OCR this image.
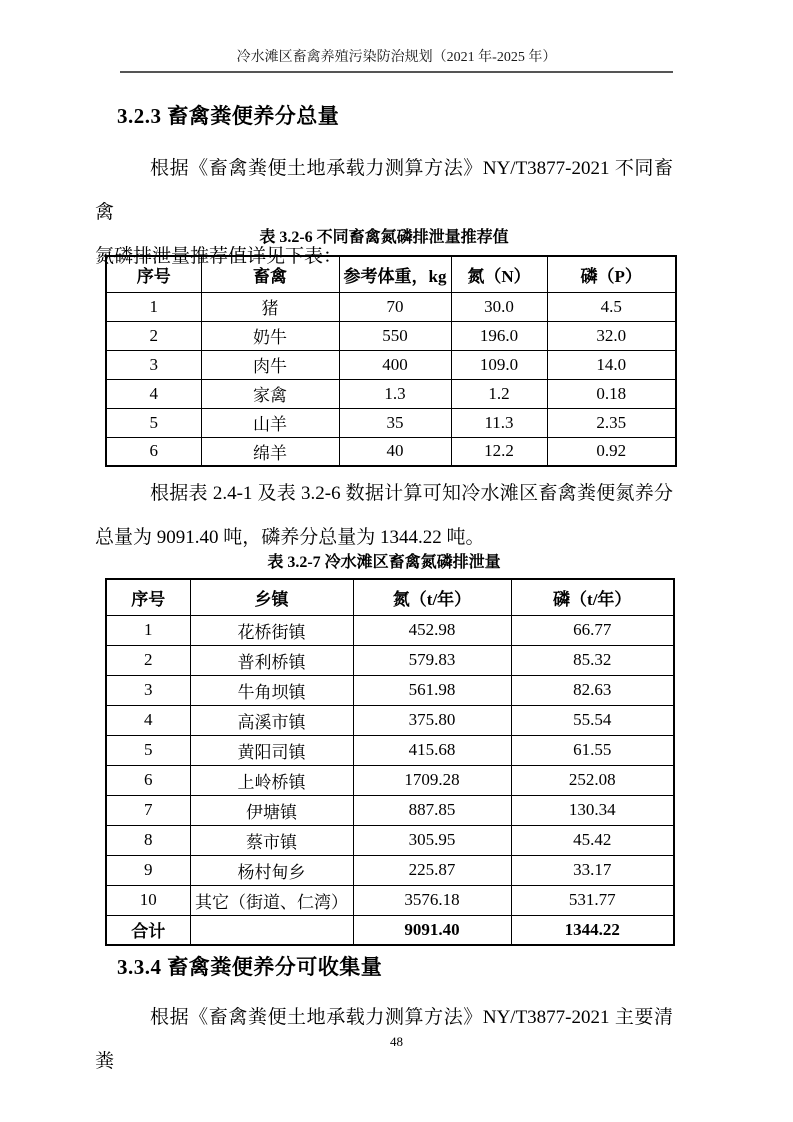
冷水滩区畜禽养殖污染防治规划（2021 年-2025 年）
3.2.3 畜禽粪便养分总量
根据《畜禽粪便土地承载力测算方法》NY/T3877-2021 不同畜禽
氮磷排泄量推荐值详见下表：
表 3.2-6 不同畜禽氮磷排泄量推荐值
序号	畜禽	参考体重，kg	氮（N）	磷（P）
1	猪	70	30.0	4.5
2	奶牛	550	196.0	32.0
3	肉牛	400	109.0	14.0
4	家禽	1.3	1.2	0.18
5	山羊	35	11.3	2.35
6	绵羊	40	12.2	0.92
根据表 2.4-1 及表 3.2-6 数据计算可知冷水滩区畜禽粪便氮养分
总量为 9091.40 吨，磷养分总量为 1344.22 吨。
表 3.2-7 冷水滩区畜禽氮磷排泄量
序号	乡镇	氮（t/年）	磷（t/年）
1	花桥街镇	452.98	66.77
2	普利桥镇	579.83	85.32
3	牛角坝镇	561.98	82.63
4	高溪市镇	375.80	55.54
5	黄阳司镇	415.68	61.55
6	上岭桥镇	1709.28	252.08
7	伊塘镇	887.85	130.34
8	蔡市镇	305.95	45.42
9	杨村甸乡	225.87	33.17
10	其它（街道、仁湾）	3576.18	531.77
合计		9091.40	1344.22
3.3.4 畜禽粪便养分可收集量
根据《畜禽粪便土地承载力测算方法》NY/T3877-2021 主要清粪
48
